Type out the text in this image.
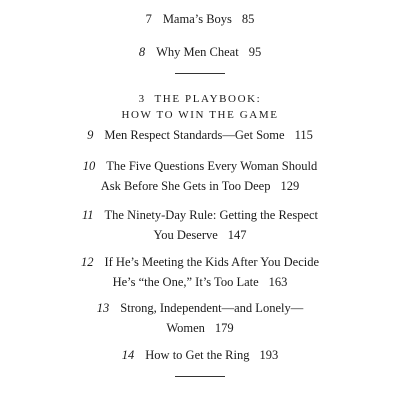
7 Mama’s Boys 85
8 Why Men Cheat 95
3 THE PLAYBOOK:
HOW TO WIN THE GAME
9 Men Respect Standards—Get Some 115
10 The Five Questions Every Woman Should
Ask Before She Gets in Too Deep 129
11 The Ninety-Day Rule: Getting the Respect
You Deserve 147
12 If He’s Meeting the Kids After You Decide
He’s “the One,” It’s Too Late 163
13 Strong, Independent—and Lonely—
Women 179
14 How to Get the Ring 193
